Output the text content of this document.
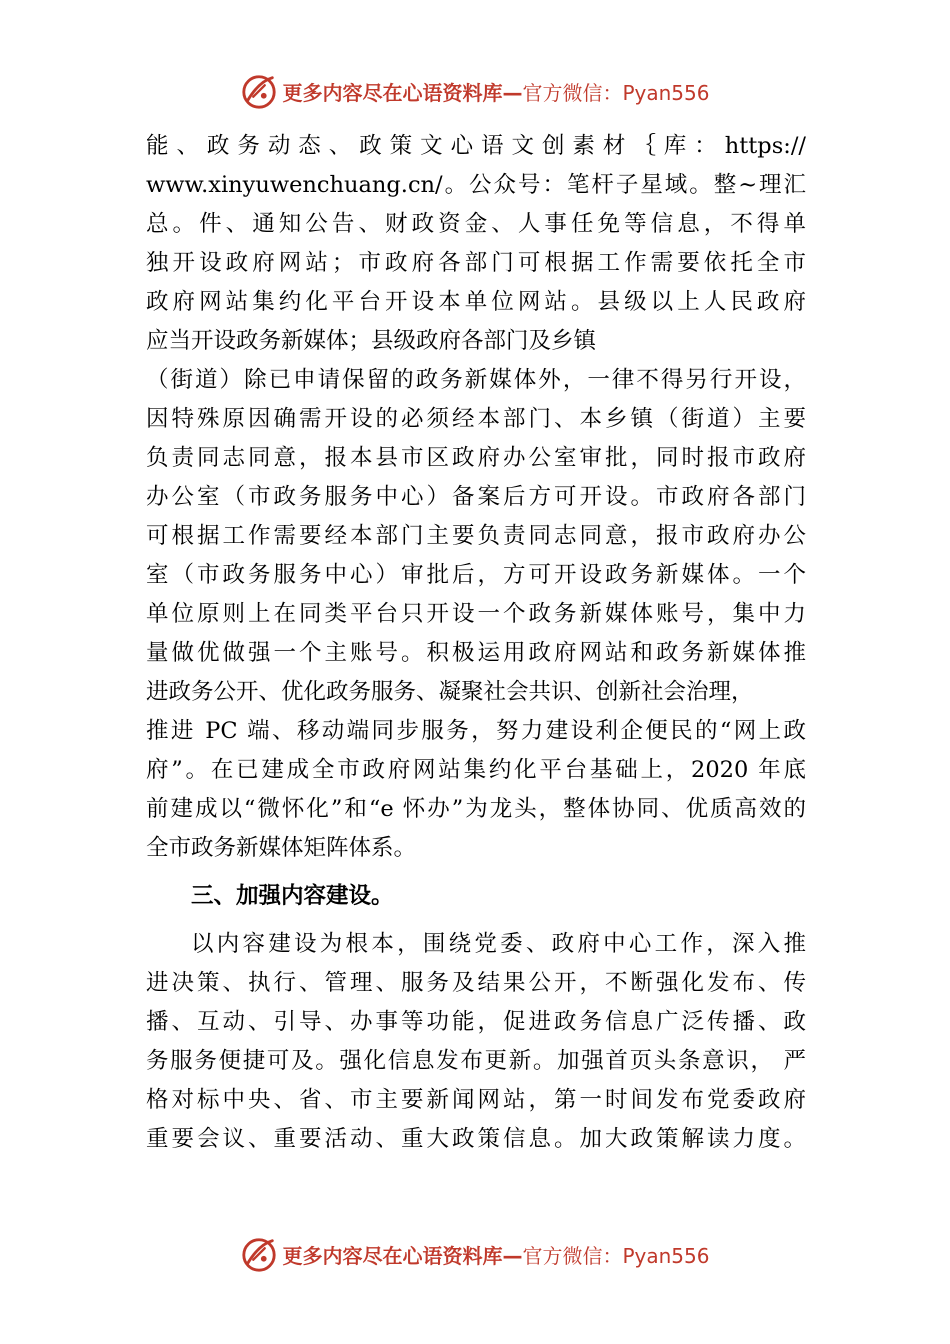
更多内容尽在心语资料库—官方微信：Pyan556
能、政务动态、政策文心语文创素材｛库：https://
www.xinyuwenchuang.cn/。公众号：笔杆子星域。整~理汇
总。件、通知公告、财政资金、人事任免等信息，不得单
独开设政府网站；市政府各部门可根据工作需要依托全市
政府网站集约化平台开设本单位网站。县级以上人民政府
应当开设政务新媒体；县级政府各部门及乡镇
（街道）除已申请保留的政务新媒体外，一律不得另行开设，
因特殊原因确需开设的必须经本部门、本乡镇（街道）主要
负责同志同意，报本县市区政府办公室审批，同时报市政府
办公室（市政务服务中心）备案后方可开设。市政府各部门
可根据工作需要经本部门主要负责同志同意，报市政府办公
室（市政务服务中心）审批后，方可开设政务新媒体。一个
单位原则上在同类平台只开设一个政务新媒体账号，集中力
量做优做强一个主账号。积极运用政府网站和政务新媒体推
进政务公开、优化政务服务、凝聚社会共识、创新社会治理，
推进 PC 端、移动端同步服务，努力建设利企便民的“网上政
府”。在已建成全市政府网站集约化平台基础上，2020 年底
前建成以“微怀化”和“e 怀办”为龙头，整体协同、优质高效的
全市政务新媒体矩阵体系。
三、加强内容建设。
以内容建设为根本，围绕党委、政府中心工作，深入推
进决策、执行、管理、服务及结果公开，不断强化发布、传
播、互动、引导、办事等功能，促进政务信息广泛传播、政
务服务便捷可及。强化信息发布更新。加强首页头条意识， 严
格对标中央、省、市主要新闻网站，第一时间发布党委政府
重要会议、重要活动、重大政策信息。加大政策解读力度。
更多内容尽在心语资料库—官方微信：Pyan556
